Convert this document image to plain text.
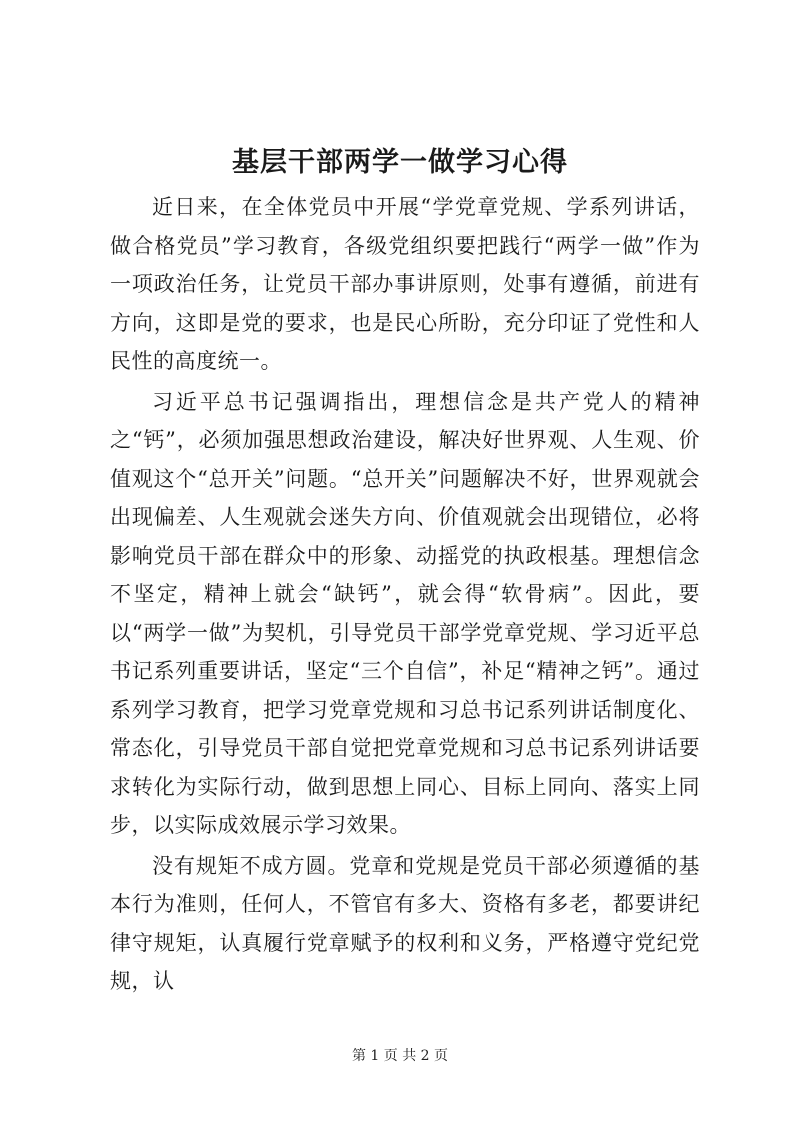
基层干部两学一做学习心得

近日来，在全体党员中开展“学党章党规、学系列讲话，做合格党员”学习教育，各级党组织要把践行“两学一做”作为一项政治任务，让党员干部办事讲原则，处事有遵循，前进有方向，这即是党的要求，也是民心所盼，充分印证了党性和人民性的高度统一。

习近平总书记强调指出，理想信念是共产党人的精神之“钙”，必须加强思想政治建设，解决好世界观、人生观、价值观这个“总开关”问题。“总开关”问题解决不好，世界观就会出现偏差、人生观就会迷失方向、价值观就会出现错位，必将影响党员干部在群众中的形象、动摇党的执政根基。理想信念不坚定，精神上就会“缺钙”，就会得“软骨病”。因此，要以“两学一做”为契机，引导党员干部学党章党规、学习近平总书记系列重要讲话，坚定“三个自信”，补足“精神之钙”。通过系列学习教育，把学习党章党规和习总书记系列讲话制度化、常态化，引导党员干部自觉把党章党规和习总书记系列讲话要求转化为实际行动，做到思想上同心、目标上同向、落实上同步，以实际成效展示学习效果。

没有规矩不成方圆。党章和党规是党员干部必须遵循的基本行为准则，任何人，不管官有多大、资格有多老，都要讲纪律守规矩，认真履行党章赋予的权利和义务，严格遵守党纪党规，认

第 1 页 共 2 页
